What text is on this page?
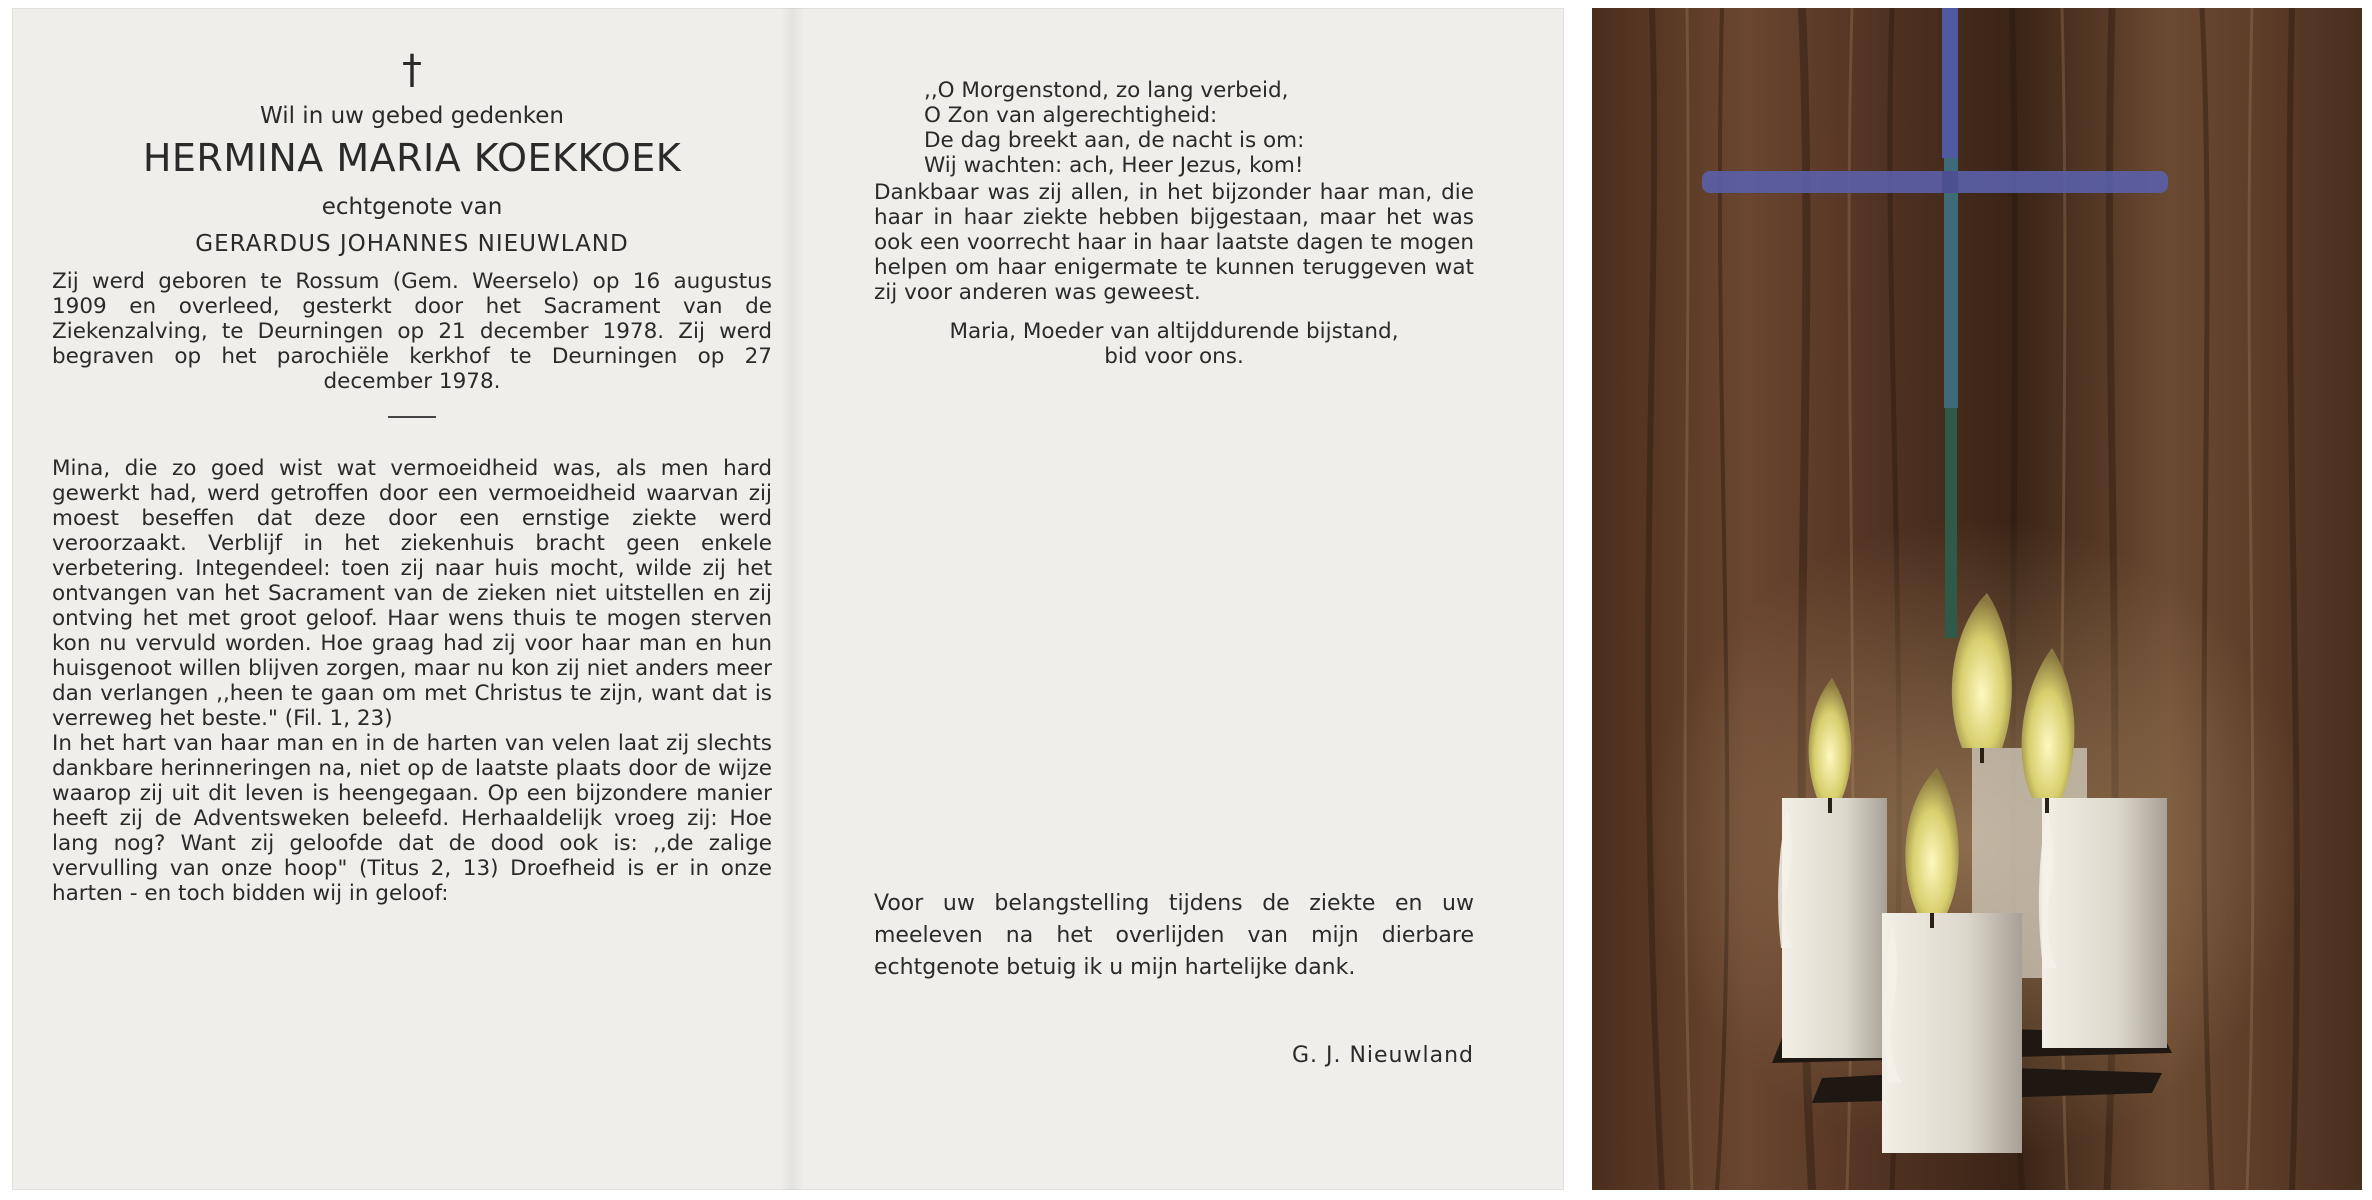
†
Wil in uw gebed gedenken
HERMINA MARIA KOEKKOEK
echtgenote van
GERARDUS JOHANNES NIEUWLAND

Zij werd geboren te Rossum (Gem. Weerselo) op 16 augustus 1909 en overleed, gesterkt door het Sacrament van de Ziekenzalving, te Deurningen op 21 december 1978. Zij werd begraven op het parochiële kerkhof te Deurningen op 27 december 1978.

Mina, die zo goed wist wat vermoeidheid was, als men hard gewerkt had, werd getroffen door een vermoeidheid waarvan zij moest beseffen dat deze door een ernstige ziekte werd veroorzaakt. Verblijf in het ziekenhuis bracht geen enkele verbetering. Integendeel: toen zij naar huis mocht, wilde zij het ontvangen van het Sacrament van de zieken niet uitstellen en zij ontving het met groot geloof. Haar wens thuis te mogen sterven kon nu vervuld worden. Hoe graag had zij voor haar man en hun huisgenoot willen blijven zorgen, maar nu kon zij niet anders meer dan verlangen ,,heen te gaan om met Christus te zijn, want dat is verreweg het beste." (Fil. 1, 23)

In het hart van haar man en in de harten van velen laat zij slechts dankbare herinneringen na, niet op de laatste plaats door de wijze waarop zij uit dit leven is heengegaan. Op een bijzondere manier heeft zij de Adventsweken beleefd. Herhaaldelijk vroeg zij: Hoe lang nog? Want zij geloofde dat de dood ook is: ,,de zalige vervulling van onze hoop" (Titus 2, 13) Droefheid is er in onze harten - en toch bidden wij in geloof:

,,O Morgenstond, zo lang verbeid,
O Zon van algerechtigheid:
De dag breekt aan, de nacht is om:
Wij wachten: ach, Heer Jezus, kom!

Dankbaar was zij allen, in het bijzonder haar man, die haar in haar ziekte hebben bijgestaan, maar het was ook een voorrecht haar in haar laatste dagen te mogen helpen om haar enigermate te kunnen teruggeven wat zij voor anderen was geweest.

Maria, Moeder van altijddurende bijstand,
bid voor ons.
Voor uw belangstelling tijdens de ziekte en uw meeleven na het overlijden van mijn dierbare echtgenote betuig ik u mijn hartelijke dank.
G. J. Nieuwland
